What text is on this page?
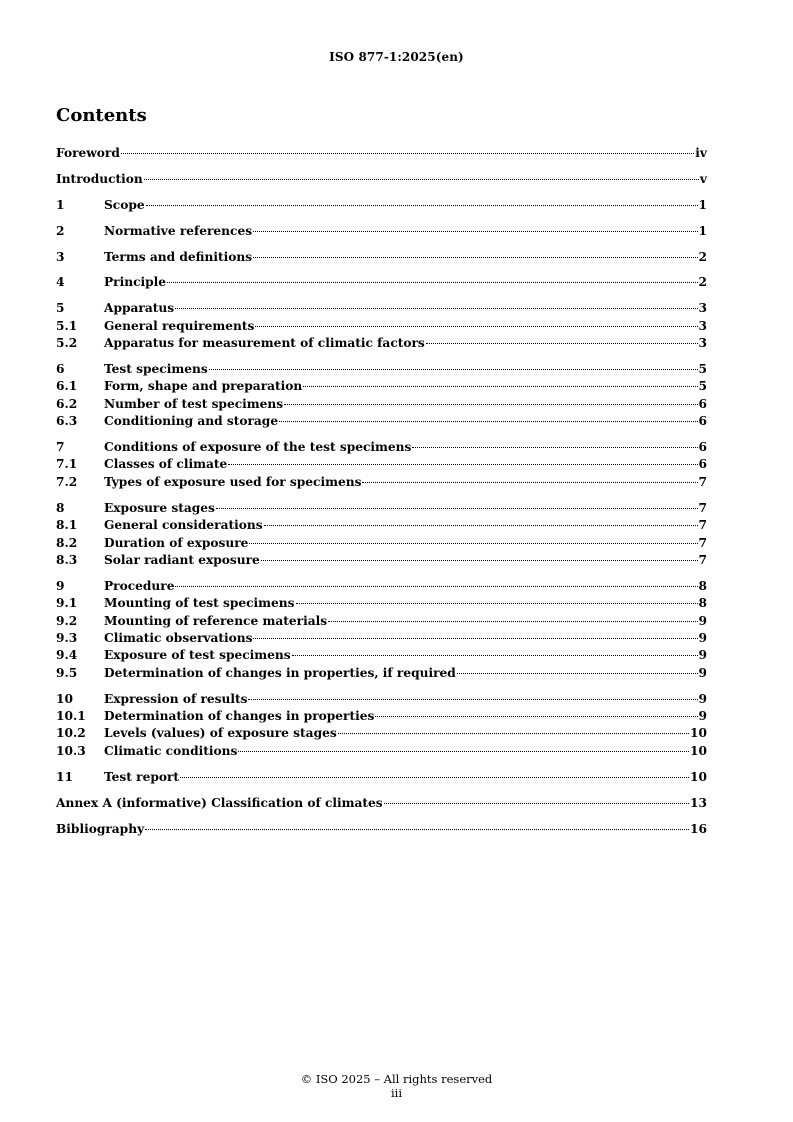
ISO 877-1:2025(en)
Contents
Foreword	iv
Introduction	v
1	Scope	1
2	Normative references	1
3	Terms and definitions	2
4	Principle	2
5	Apparatus	3
5.1	General requirements	3
5.2	Apparatus for measurement of climatic factors	3
6	Test specimens	5
6.1	Form, shape and preparation	5
6.2	Number of test specimens	6
6.3	Conditioning and storage	6
7	Conditions of exposure of the test specimens	6
7.1	Classes of climate	6
7.2	Types of exposure used for specimens	7
8	Exposure stages	7
8.1	General considerations	7
8.2	Duration of exposure	7
8.3	Solar radiant exposure	7
9	Procedure	8
9.1	Mounting of test specimens	8
9.2	Mounting of reference materials	9
9.3	Climatic observations	9
9.4	Exposure of test specimens	9
9.5	Determination of changes in properties, if required	9
10	Expression of results	9
10.1	Determination of changes in properties	9
10.2	Levels (values) of exposure stages	10
10.3	Climatic conditions	10
11	Test report	10
Annex A (informative) Classification of climates	13
Bibliography	16
© ISO 2025 – All rights reserved
iii
